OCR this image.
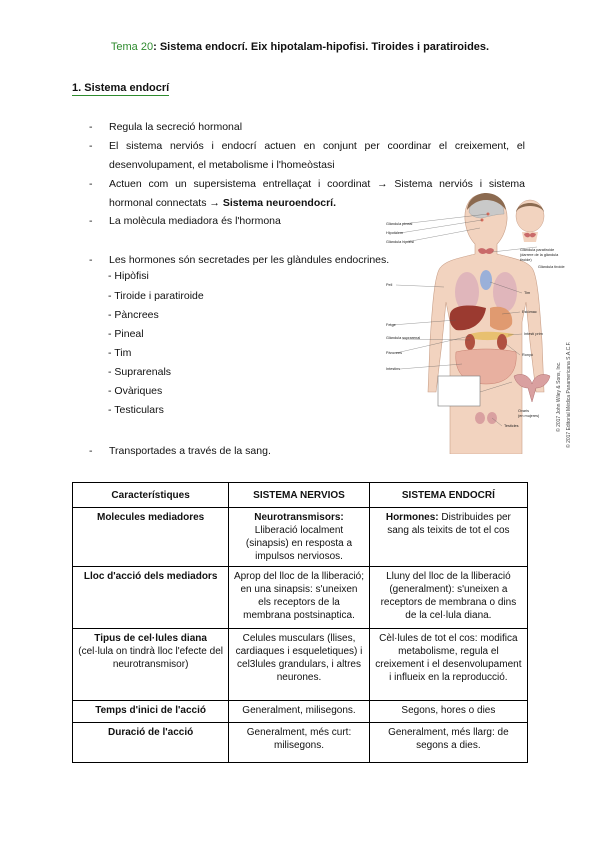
Tema 20: Sistema endocrí. Eix hipotalam-hipofisi. Tiroides i paratiroides.
1. Sistema endocrí
- Regula la secreció hormonal
- El sistema nerviós i endocrí actuen en conjunt per coordinar el creixement, el desenvolupament, el metabolisme i l'homeòstasi
- Actuen com un supersistema entrellaçat i coordinat → Sistema nerviós i sistema hormonal connectats → Sistema neuroendocrí.
- La molècula mediadora és l'hormona
- Les hormones són secretades per les glàndules endocrines.
- Hipòfisi
- Tiroide i paratiroide
- Pàncrees
- Pineal
- Tim
- Suprarenals
- Ovàriques
- Testiculars
- Transportades a través de la sang.
Glàndula pineal
Hipotàlem
Glàndula hipòfisi
Glàndula paratiroide
(darrere de la glàndula
tiroide)
Glàndula tiroide
Pell
Tim
Estómac
Fetge
Glàndula suprarenal
Intestí prim
Pàncrees	Ronyó
Intestins
Ovaris
(en mujeres)
Testicles	© 2017 John Wiley & Sons, Inc. © 2017 Editorial Médica Panamericana S.A.C.F.
Característiques	SISTEMA NERVIOS	SISTEMA ENDOCRÍ
Molecules mediadores	Neurotransmisors: Lliberació localment (sinapsis) en resposta a impulsos nerviosos.	Hormones: Distribuides per sang als teixits de tot el cos
Lloc d'acció dels mediadors	Aprop del lloc de la lliberació; en una sinapsis: s'uneixen els receptors de la membrana postsinaptica.	Lluny del lloc de la lliberació (generalment): s'uneixen a receptors de membrana o dins de la cel·lula diana.
Tipus de cel·lules diana
(cel·lula on tindrà lloc l'efecte del neurotransmisor)	Celules musculars (llises, cardiaques i esqueletiques) i cel3lules grandulars, i altres neurones.	Cèl·lules de tot el cos: modifica metabolisme, regula el creixement i el desenvolupament i influeix en la reproducció.
Temps d'inici de l'acció	Generalment, milisegons.	Segons, hores o dies
Duració de l'acció	Generalment, més curt: milisegons.	Generalment, més llarg: de segons a dies.
